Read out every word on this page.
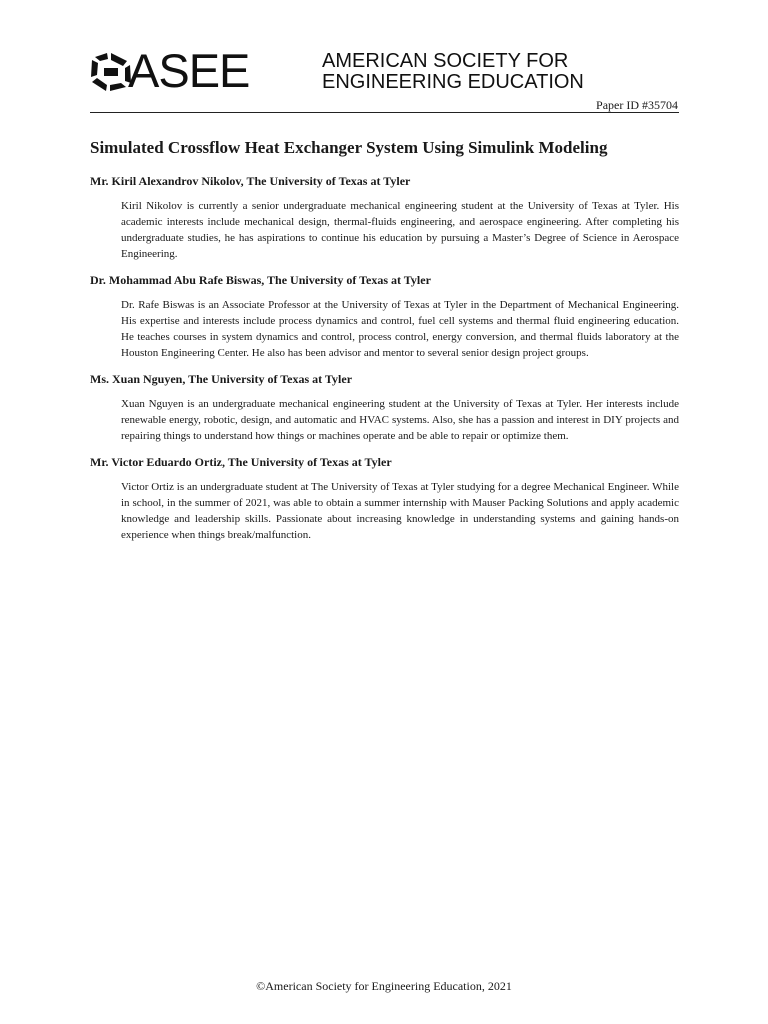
ASEE	AMERICAN SOCIETY FOR
ENGINEERING EDUCATION
Paper ID #35704
Simulated Crossflow Heat Exchanger System Using Simulink Modeling
Mr. Kiril Alexandrov Nikolov, The University of Texas at Tyler
Kiril Nikolov is currently a senior undergraduate mechanical engineering student at the University of Texas at Tyler. His academic interests include mechanical design, thermal-fluids engineering, and aerospace engineering. After completing his undergraduate studies, he has aspirations to continue his education by pursuing a Master’s Degree of Science in Aerospace Engineering.
Dr. Mohammad Abu Rafe Biswas, The University of Texas at Tyler
Dr. Rafe Biswas is an Associate Professor at the University of Texas at Tyler in the Department of Mechanical Engineering. His expertise and interests include process dynamics and control, fuel cell systems and thermal fluid engineering education. He teaches courses in system dynamics and control, process control, energy conversion, and thermal fluids laboratory at the Houston Engineering Center. He also has been advisor and mentor to several senior design project groups.
Ms. Xuan Nguyen, The University of Texas at Tyler
Xuan Nguyen is an undergraduate mechanical engineering student at the University of Texas at Tyler. Her interests include renewable energy, robotic, design, and automatic and HVAC systems. Also, she has a passion and interest in DIY projects and repairing things to understand how things or machines operate and be able to repair or optimize them.
Mr. Victor Eduardo Ortiz, The University of Texas at Tyler
Victor Ortiz is an undergraduate student at The University of Texas at Tyler studying for a degree Mechanical Engineer. While in school, in the summer of 2021, was able to obtain a summer internship with Mauser Packing Solutions and apply academic knowledge and leadership skills. Passionate about increasing knowledge in understanding systems and gaining hands-on experience when things break/malfunction.
©American Society for Engineering Education, 2021
